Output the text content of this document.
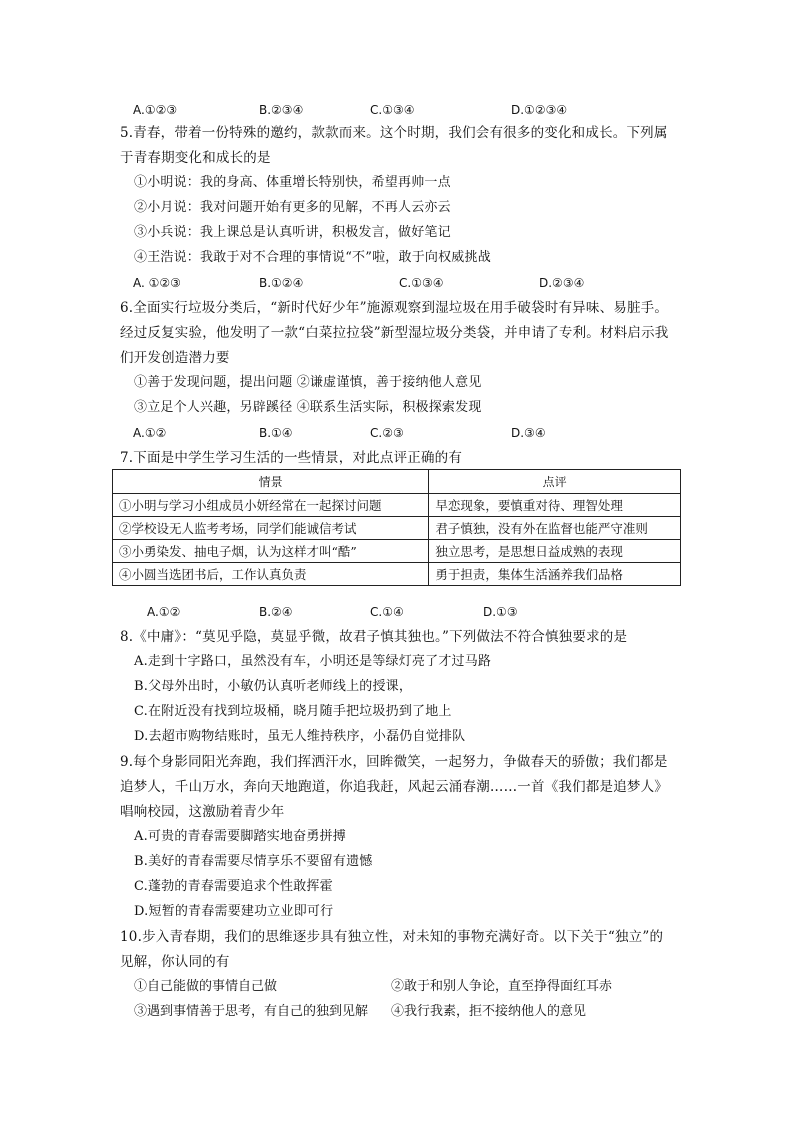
A.①②③	B.②③④	C.①③④	D.①②③④
5.青春，带着一份特殊的邀约，款款而来。这个时期，我们会有很多的变化和成长。下列属
于青春期变化和成长的是
①小明说：我的身高、体重增长特别快，希望再帅一点
②小月说：我对问题开始有更多的见解，不再人云亦云
③小兵说：我上课总是认真听讲，积极发言，做好笔记
④王浩说：我敢于对不合理的事情说“不”啦，敢于向权威挑战
A. ①②③	B.①②④	C.①③④	D.②③④
6.全面实行垃圾分类后，“新时代好少年”施源观察到湿垃圾在用手破袋时有异味、易脏手。
经过反复实验，他发明了一款“白菜拉拉袋”新型湿垃圾分类袋，并申请了专利。材料启示我
们开发创造潜力要
①善于发现问题，提出问题 ②谦虚谨慎，善于接纳他人意见
③立足个人兴趣，另辟蹊径 ④联系生活实际，积极探索发现
A.①②	B.①④	C.②③	D.③④
7.下面是中学生学习生活的一些情景，对此点评正确的有
情景	点评
①小明与学习小组成员小妍经常在一起探讨问题	早恋现象，要慎重对待、理智处理
②学校设无人监考考场，同学们能诚信考试	君子慎独，没有外在监督也能严守准则
③小勇染发、抽电子烟，认为这样才叫“酷”	独立思考，是思想日益成熟的表现
④小圆当选团书后，工作认真负责	勇于担责，集体生活涵养我们品格
A.①②	B.②④	C.①④	D.①③
8.《中庸》：“莫见乎隐，莫显乎微，故君子慎其独也。”下列做法不符合慎独要求的是
A.走到十字路口，虽然没有车，小明还是等绿灯亮了才过马路
B.父母外出时，小敏仍认真听老师线上的授课，
C.在附近没有找到垃圾桶，晓月随手把垃圾扔到了地上
D.去超市购物结账时，虽无人维持秩序，小磊仍自觉排队
9.每个身影同阳光奔跑，我们挥洒汗水，回眸微笑，一起努力，争做春天的骄傲；我们都是
追梦人，千山万水，奔向天地跑道，你追我赶，风起云涌春潮……一首《我们都是追梦人》
唱响校园，这激励着青少年
A.可贵的青春需要脚踏实地奋勇拼搏
B.美好的青春需要尽情享乐不要留有遗憾
C.蓬勃的青春需要追求个性敢挥霍
D.短暂的青春需要建功立业即可行
10.步入青春期，我们的思维逐步具有独立性，对未知的事物充满好奇。以下关于“独立”的
见解，你认同的有
①自己能做的事情自己做	②敢于和别人争论，直至挣得面红耳赤
③遇到事情善于思考，有自己的独到见解 ④我行我素，拒不接纳他人的意见
